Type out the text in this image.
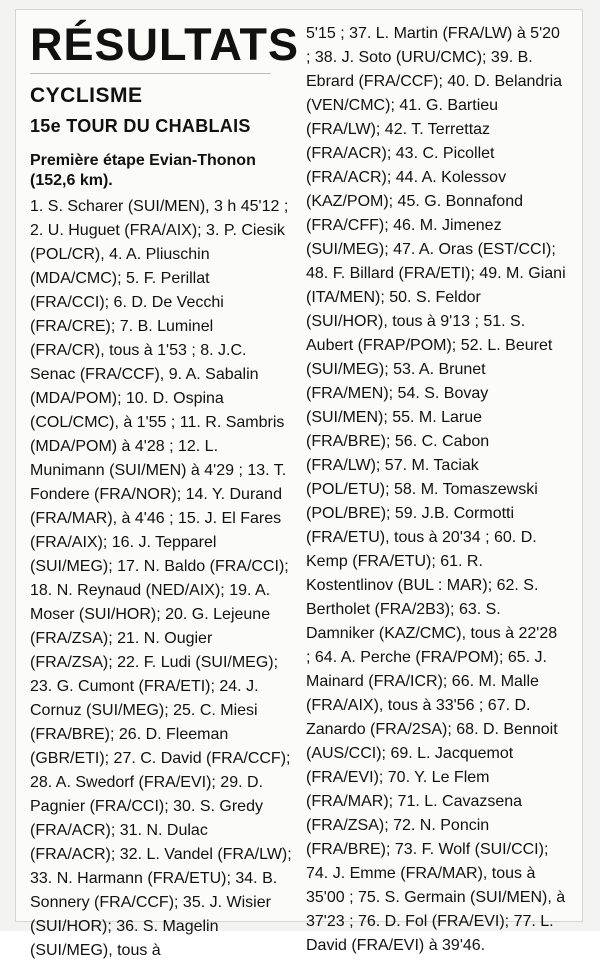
RÉSULTATS
CYCLISME
15e TOUR DU CHABLAIS
Première étape Evian-Thonon (152,6 km).

1. S. Scharer (SUI/MEN), 3 h 45'12 ; 2. U. Huguet (FRA/AIX); 3. P. Ciesik (POL/CR), 4. A. Pliuschin (MDA/CMC); 5. F. Perillat (FRA/CCI); 6. D. De Vecchi (FRA/CRE); 7. B. Luminel (FRA/CR), tous à 1'53 ; 8. J.C. Senac (FRA/CCF), 9. A. Sabalin (MDA/POM); 10. D. Ospina (COL/CMC), à 1'55 ; 11. R. Sambris (MDA/POM) à 4'28 ; 12. L. Munimann (SUI/MEN) à 4'29 ; 13. T. Fondere (FRA/NOR); 14. Y. Durand (FRA/MAR), à 4'46 ; 15. J. El Fares (FRA/AIX); 16. J. Tepparel (SUI/MEG); 17. N. Baldo (FRA/CCI); 18. N. Reynaud (NED/AIX); 19. A. Moser (SUI/HOR); 20. G. Lejeune (FRA/ZSA); 21. N. Ougier (FRA/ZSA); 22. F. Ludi (SUI/MEG); 23. G. Cumont (FRA/ETI); 24. J. Cornuz (SUI/MEG); 25. C. Miesi (FRA/BRE); 26. D. Fleeman (GBR/ETI); 27. C. David (FRA/CCF); 28. A. Swedorf (FRA/EVI); 29. D. Pagnier (FRA/CCI); 30. S. Gredy (FRA/ACR); 31. N. Dulac (FRA/ACR); 32. L. Vandel (FRA/LW); 33. N. Harmann (FRA/ETU); 34. B. Sonnery (FRA/CCF); 35. J. Wisier (SUI/HOR); 36. S. Magelin (SUI/MEG), tous à

5'15 ; 37. L. Martin (FRA/LW) à 5'20 ; 38. J. Soto (URU/CMC); 39. B. Ebrard (FRA/CCF); 40. D. Belandria (VEN/CMC); 41. G. Bartieu (FRA/LW); 42. T. Terrettaz (FRA/ACR); 43. C. Picollet (FRA/ACR); 44. A. Kolessov (KAZ/POM); 45. G. Bonnafond (FRA/CFF); 46. M. Jimenez (SUI/MEG); 47. A. Oras (EST/CCI); 48. F. Billard (FRA/ETI); 49. M. Giani (ITA/MEN); 50. S. Feldor (SUI/HOR), tous à 9'13 ; 51. S. Aubert (FRAP/POM); 52. L. Beuret (SUI/MEG); 53. A. Brunet (FRA/MEN); 54. S. Bovay (SUI/MEN); 55. M. Larue (FRA/BRE); 56. C. Cabon (FRA/LW); 57. M. Taciak (POL/ETU); 58. M. Tomaszewski (POL/BRE); 59. J.B. Cormotti (FRA/ETU), tous à 20'34 ; 60. D. Kemp (FRA/ETU); 61. R. Kostentlinov (BUL : MAR); 62. S. Bertholet (FRA/2B3); 63. S. Damniker (KAZ/CMC), tous à 22'28 ; 64. A. Perche (FRA/POM); 65. J. Mainard (FRA/ICR); 66. M. Malle (FRA/AIX), tous à 33'56 ; 67. D. Zanardo (FRA/2SA); 68. D. Bennoit (AUS/CCI); 69. L. Jacquemot (FRA/EVI); 70. Y. Le Flem (FRA/MAR); 71. L. Cavazsena (FRA/ZSA); 72. N. Poncin (FRA/BRE); 73. F. Wolf (SUI/CCI); 74. J. Emme (FRA/MAR), tous à 35'00 ; 75. S. Germain (SUI/MEN), à 37'23 ; 76. D. Fol (FRA/EVI); 77. L. David (FRA/EVI) à 39'46.
